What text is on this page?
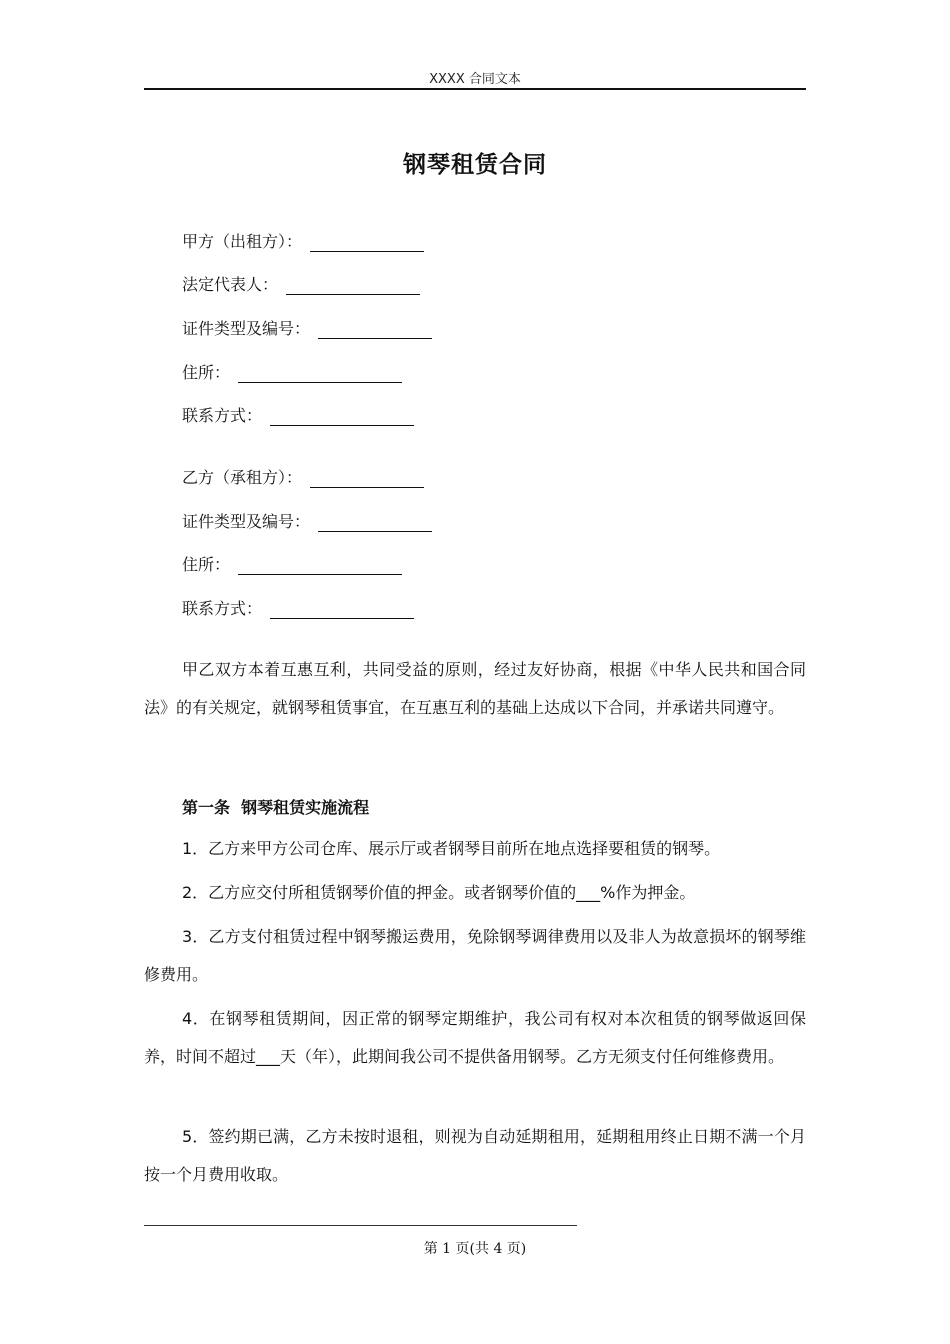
XXXX 合同文本
钢琴租赁合同
甲方（出租方）：
法定代表人：
证件类型及编号：
住所：
联系方式：
乙方（承租方）：
证件类型及编号：
住所：
联系方式：

甲乙双方本着互惠互利，共同受益的原则，经过友好协商，根据《中华人民共和国合同法》的有关规定，就钢琴租赁事宜，在互惠互利的基础上达成以下合同，并承诺共同遵守。

第一条  钢琴租赁实施流程

1．乙方来甲方公司仓库、展示厅或者钢琴目前所在地点选择要租赁的钢琴。

2．乙方应交付所租赁钢琴价值的押金。或者钢琴价值的___%作为押金。

3．乙方支付租赁过程中钢琴搬运费用，免除钢琴调律费用以及非人为故意损坏的钢琴维修费用。

4．在钢琴租赁期间，因正常的钢琴定期维护，我公司有权对本次租赁的钢琴做返回保养，时间不超过___天（年），此期间我公司不提供备用钢琴。乙方无须支付任何维修费用。

5．签约期已满，乙方未按时退租，则视为自动延期租用，延期租用终止日期不满一个月按一个月费用收取。

第 1 页(共 4 页)
